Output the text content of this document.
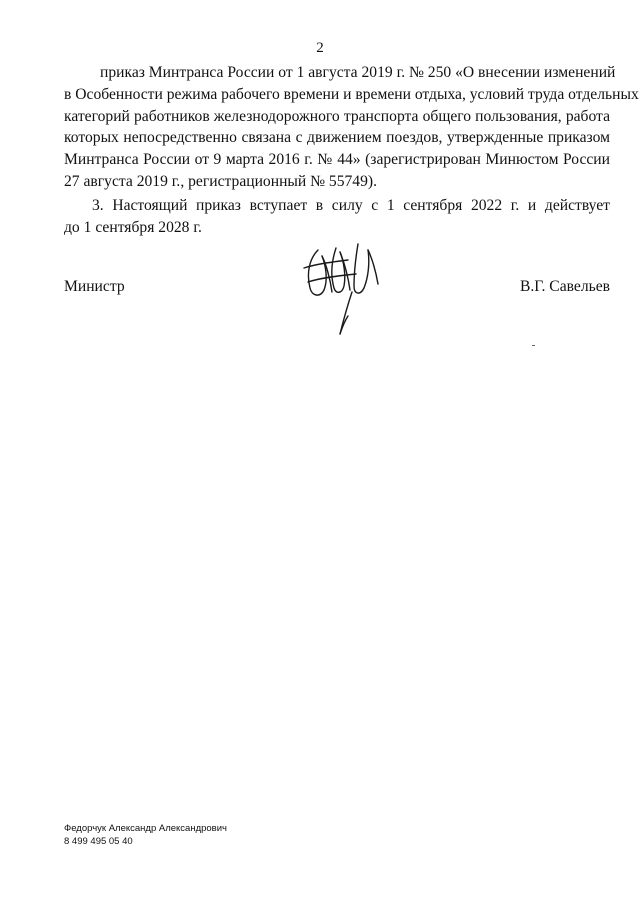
2
приказ Минтранса России от 1 августа 2019 г. № 250 «О внесении изменений
в Особенности режима рабочего времени и времени отдыха, условий труда отдельных
категорий работников железнодорожного транспорта общего пользования, работа
которых непосредственно связана с движением поездов, утвержденные приказом
Минтранса России от 9 марта 2016 г. № 44» (зарегистрирован Минюстом России
27 августа 2019 г., регистрационный № 55749).
3. Настоящий приказ вступает в силу с 1 сентября 2022 г. и действует
до 1 сентября 2028 г.
Министр	В.Г. Савельев
Федорчук Александр Александрович
8 499 495 05 40
